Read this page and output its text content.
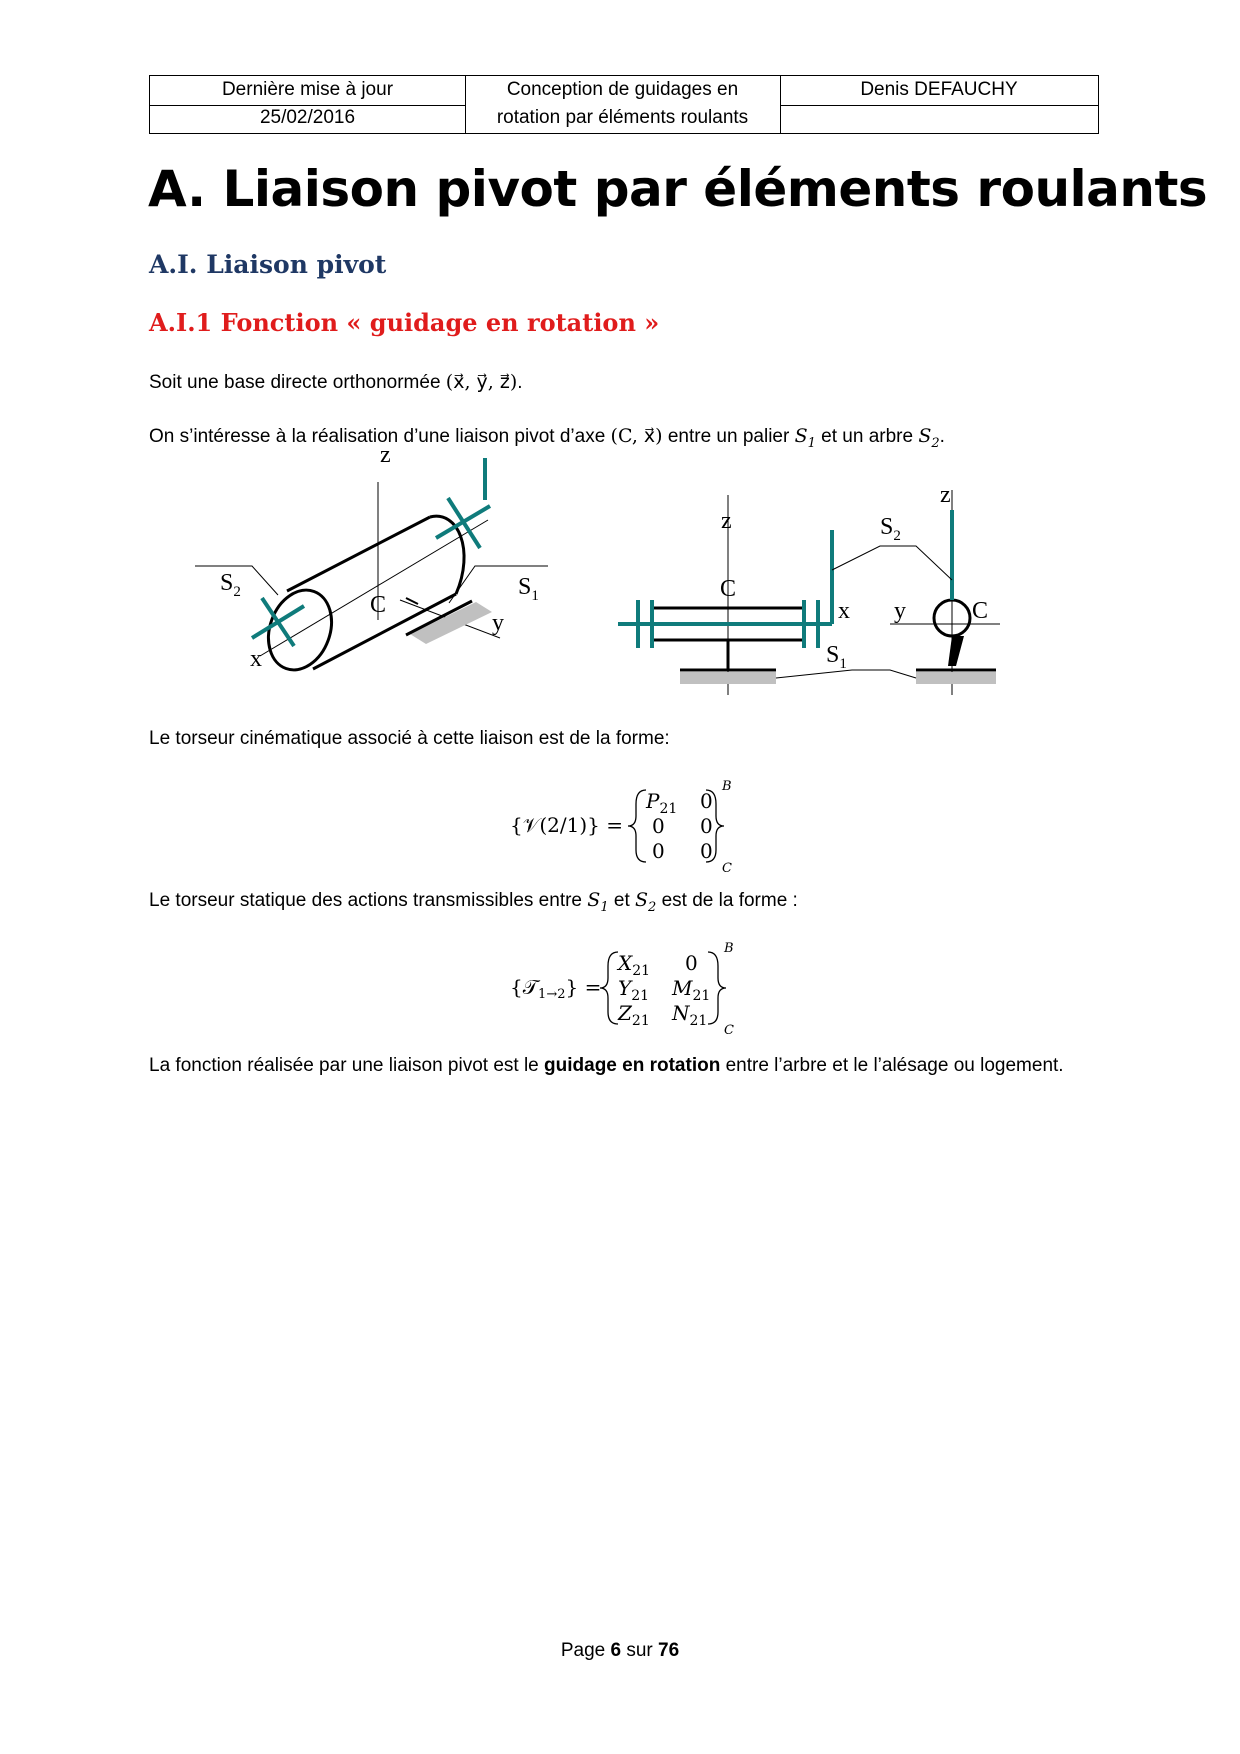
Dernière mise à jour
25/02/2016
Conception de guidages en
rotation par éléments roulants
Denis DEFAUCHY
A. Liaison pivot par éléments roulants
A.I. Liaison pivot
A.I.1 Fonction « guidage en rotation »
Soit une base directe orthonormée (x⃗, y⃗, z⃗).
On s’intéresse à la réalisation d’une liaison pivot d’axe (C, x⃗) entre un palier $S_1$ et un arbre $S_2$.
z
C
x
y
$S_1$
$S_2$
z
C
x
z
y	C
$S_2$
$S_1$
Le torseur cinématique associé à cette liaison est de la forme:
{𝒱(2/1)} =
$P_{21}$ 0
0 0
0 0
B
C
Le torseur statique des actions transmissibles entre $S_1$ et $S_2$ est de la forme :
{𝒯$_{1\to 2}$} =
$X_{21}$ 0
$Y_{21}$ $M_{21}$
$Z_{21}$ $N_{21}$
B
C
La fonction réalisée par une liaison pivot est le guidage en rotation entre l’arbre et le l’alésage ou logement.
Page 6 sur 76
